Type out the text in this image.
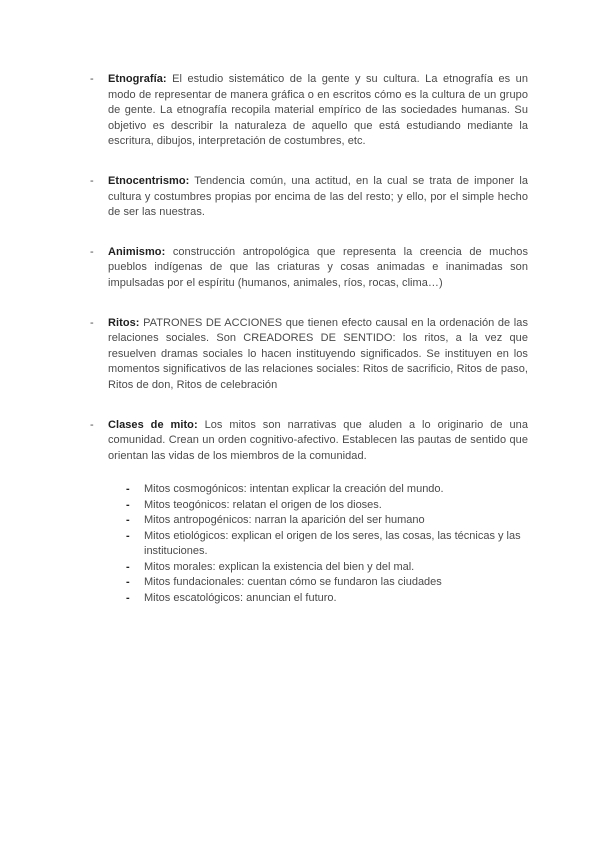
- Etnografía: El estudio sistemático de la gente y su cultura. La etnografía es un modo de representar de manera gráfica o en escritos cómo es la cultura de un grupo de gente. La etnografía recopila material empírico de las sociedades humanas. Su objetivo es describir la naturaleza de aquello que está estudiando mediante la escritura, dibujos, interpretación de costumbres, etc.
- Etnocentrismo: Tendencia común, una actitud, en la cual se trata de imponer la cultura y costumbres propias por encima de las del resto; y ello, por el simple hecho de ser las nuestras.
- Animismo: construcción antropológica que representa la creencia de muchos pueblos indígenas de que las criaturas y cosas animadas e inanimadas son impulsadas por el espíritu (humanos, animales, ríos, rocas, clima…)
- Ritos: PATRONES DE ACCIONES que tienen efecto causal en la ordenación de las relaciones sociales. Son CREADORES DE SENTIDO: los ritos, a la vez que resuelven dramas sociales lo hacen instituyendo significados. Se instituyen en los momentos significativos de las relaciones sociales: Ritos de sacrificio, Ritos de paso, Ritos de don, Ritos de celebración
- Clases de mito: Los mitos son narrativas que aluden a lo originario de una comunidad. Crean un orden cognitivo-afectivo. Establecen las pautas de sentido que orientan las vidas de los miembros de la comunidad.
- Mitos cosmogónicos: intentan explicar la creación del mundo.
- Mitos teogónicos: relatan el origen de los dioses.
- Mitos antropogénicos: narran la aparición del ser humano
- Mitos etiológicos: explican el origen de los seres, las cosas, las técnicas y las instituciones.
- Mitos morales: explican la existencia del bien y del mal.
- Mitos fundacionales: cuentan cómo se fundaron las ciudades
- Mitos escatológicos: anuncian el futuro.
